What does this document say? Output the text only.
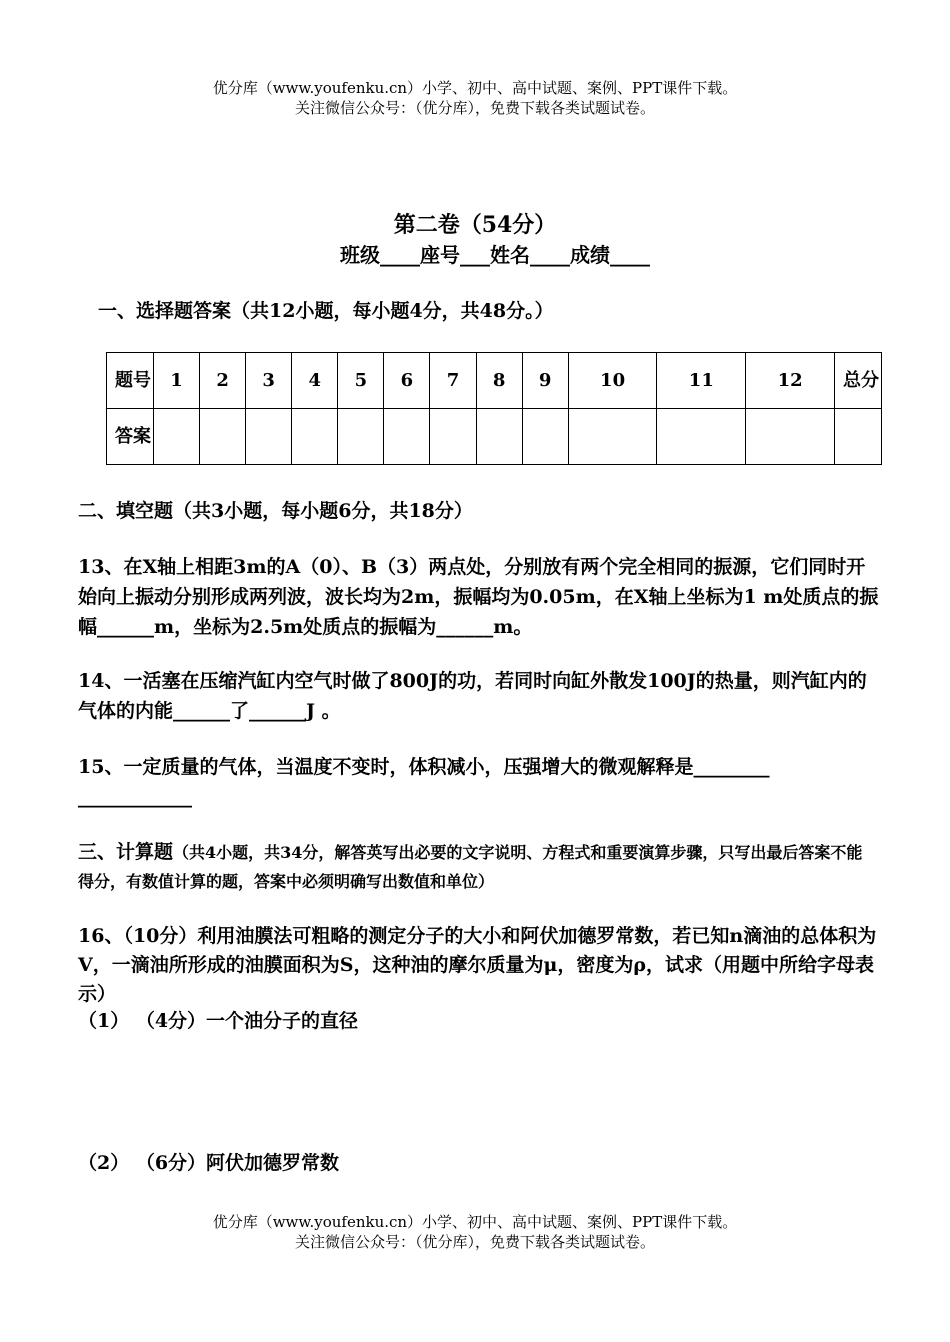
优分库（www.youfenku.cn）小学、初中、高中试题、案例、PPT课件下载。
关注微信公众号：（优分库），免费下载各类试题试卷。
第二卷（54分）
班级____座号___姓名____成绩____
一、选择题答案（共12小题，每小题4分，共48分。）
题号	1	2	3	4	5	6	7	8	9	10	11	12	总分
答案													
二、填空题（共3小题，每小题6分，共18分）
13、在X轴上相距3m的A（0）、B（3）两点处，分别放有两个完全相同的振源，它们同时开始向上振动分别形成两列波，波长均为2m，振幅均为0.05m，在X轴上坐标为1 m处质点的振幅______m，坐标为2.5m处质点的振幅为______m。
14、一活塞在压缩汽缸内空气时做了800J的功，若同时向缸外散发100J的热量，则汽缸内的气体的内能______了______J 。
15、一定质量的气体，当温度不变时，体积减小，压强增大的微观解释是________ ____________
三、计算题（共4小题，共34分，解答英写出必要的文字说明、方程式和重要演算步骤，只写出最后答案不能得分，有数值计算的题，答案中必须明确写出数值和单位）
16、（10分）利用油膜法可粗略的测定分子的大小和阿伏加德罗常数，若已知n滴油的总体积为V，一滴油所形成的油膜面积为S，这种油的摩尔质量为μ，密度为ρ，试求（用题中所给字母表示）
（1） （4分）一个油分子的直径
（2） （6分）阿伏加德罗常数
优分库（www.youfenku.cn）小学、初中、高中试题、案例、PPT课件下载。
关注微信公众号：（优分库），免费下载各类试题试卷。
